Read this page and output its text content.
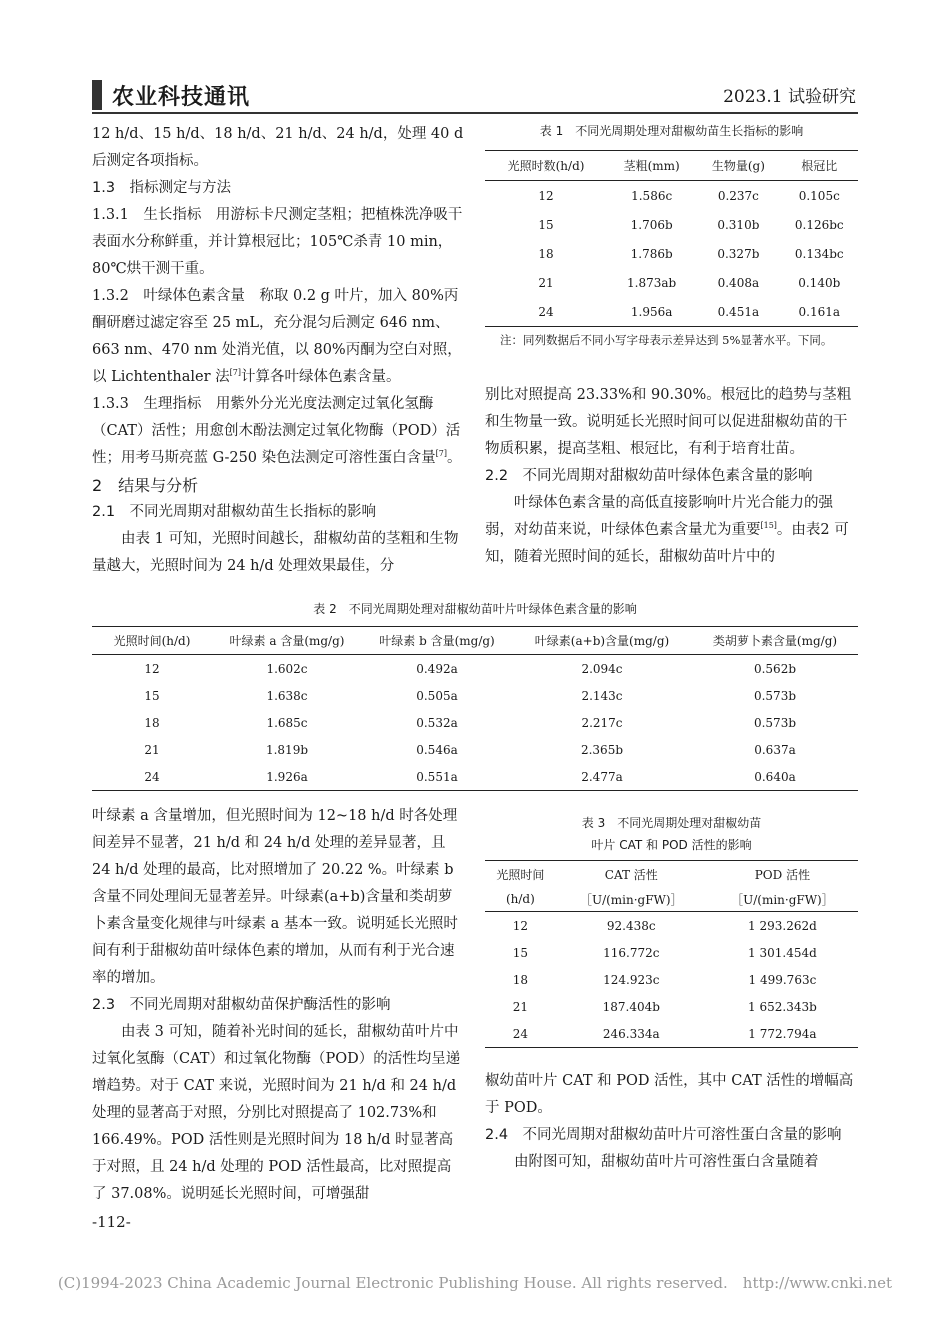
农业科技通讯	2023.1 试验研究

12 h/d、15 h/d、18 h/d、21 h/d、24 h/d，处理 40 d 后测定各项指标。

1.3　指标测定与方法

1.3.1　生长指标　用游标卡尺测定茎粗；把植株洗净吸干表面水分称鲜重，并计算根冠比；105℃杀青 10 min，80℃烘干测干重。

1.3.2　叶绿体色素含量　称取 0.2 g 叶片，加入 80%丙酮研磨过滤定容至 25 mL，充分混匀后测定 646 nm、663 nm、470 nm 处消光值，以 80%丙酮为空白对照，以 Lichtenthaler 法[7]计算各叶绿体色素含量。

1.3.3　生理指标　用紫外分光光度法测定过氧化氢酶（CAT）活性；用愈创木酚法测定过氧化物酶（POD）活性；用考马斯亮蓝 G-250 染色法测定可溶性蛋白含量[7]。

2　结果与分析

2.1　不同光周期对甜椒幼苗生长指标的影响

由表 1 可知，光照时间越长，甜椒幼苗的茎粗和生物量越大，光照时间为 24 h/d 处理效果最佳，分

表 1　不同光周期处理对甜椒幼苗生长指标的影响
光照时数(h/d)	茎粗(mm)	生物量(g)	根冠比
12	1.586c	0.237c	0.105c
15	1.706b	0.310b	0.126bc
18	1.786b	0.327b	0.134bc
21	1.873ab	0.408a	0.140b
24	1.956a	0.451a	0.161a
注：同列数据后不同小写字母表示差异达到 5%显著水平。下同。

别比对照提高 23.33%和 90.30%。根冠比的趋势与茎粗和生物量一致。说明延长光照时间可以促进甜椒幼苗的干物质积累，提高茎粗、根冠比，有利于培育壮苗。

2.2　不同光周期对甜椒幼苗叶绿体色素含量的影响

叶绿体色素含量的高低直接影响叶片光合能力的强弱，对幼苗来说，叶绿体色素含量尤为重要[15]。由表2 可知，随着光照时间的延长，甜椒幼苗叶片中的

表 2　不同光周期处理对甜椒幼苗叶片叶绿体色素含量的影响
光照时间(h/d)	叶绿素 a 含量(mg/g)	叶绿素 b 含量(mg/g)	叶绿素(a+b)含量(mg/g)	类胡萝卜素含量(mg/g)
12	1.602c	0.492a	2.094c	0.562b
15	1.638c	0.505a	2.143c	0.573b
18	1.685c	0.532a	2.217c	0.573b
21	1.819b	0.546a	2.365b	0.637a
24	1.926a	0.551a	2.477a	0.640a

叶绿素 a 含量增加，但光照时间为 12~18 h/d 时各处理间差异不显著，21 h/d 和 24 h/d 处理的差异显著，且 24 h/d 处理的最高，比对照增加了 20.22 %。叶绿素 b 含量不同处理间无显著差异。叶绿素(a+b)含量和类胡萝卜素含量变化规律与叶绿素 a 基本一致。说明延长光照时间有利于甜椒幼苗叶绿体色素的增加，从而有利于光合速率的增加。

2.3　不同光周期对甜椒幼苗保护酶活性的影响

由表 3 可知，随着补光时间的延长，甜椒幼苗叶片中过氧化氢酶（CAT）和过氧化物酶（POD）的活性均呈递增趋势。对于 CAT 来说，光照时间为 21 h/d 和 24 h/d 处理的显著高于对照，分别比对照提高了 102.73%和 166.49%。POD 活性则是光照时间为 18 h/d 时显著高于对照，且 24 h/d 处理的 POD 活性最高，比对照提高了 37.08%。说明延长光照时间，可增强甜

表 3　不同光周期处理对甜椒幼苗
叶片 CAT 和 POD 活性的影响
光照时间	CAT 活性	POD 活性
(h/d)	［U/(min·gFW)］	［U/(min·gFW)］
12	92.438c	1 293.262d
15	116.772c	1 301.454d
18	124.923c	1 499.763c
21	187.404b	1 652.343b
24	246.334a	1 772.794a

椒幼苗叶片 CAT 和 POD 活性，其中 CAT 活性的增幅高于 POD。

2.4　不同光周期对甜椒幼苗叶片可溶性蛋白含量的影响

由附图可知，甜椒幼苗叶片可溶性蛋白含量随着

-112-
(C)1994-2023 China Academic Journal Electronic Publishing House. All rights reserved.　http://www.cnki.net
